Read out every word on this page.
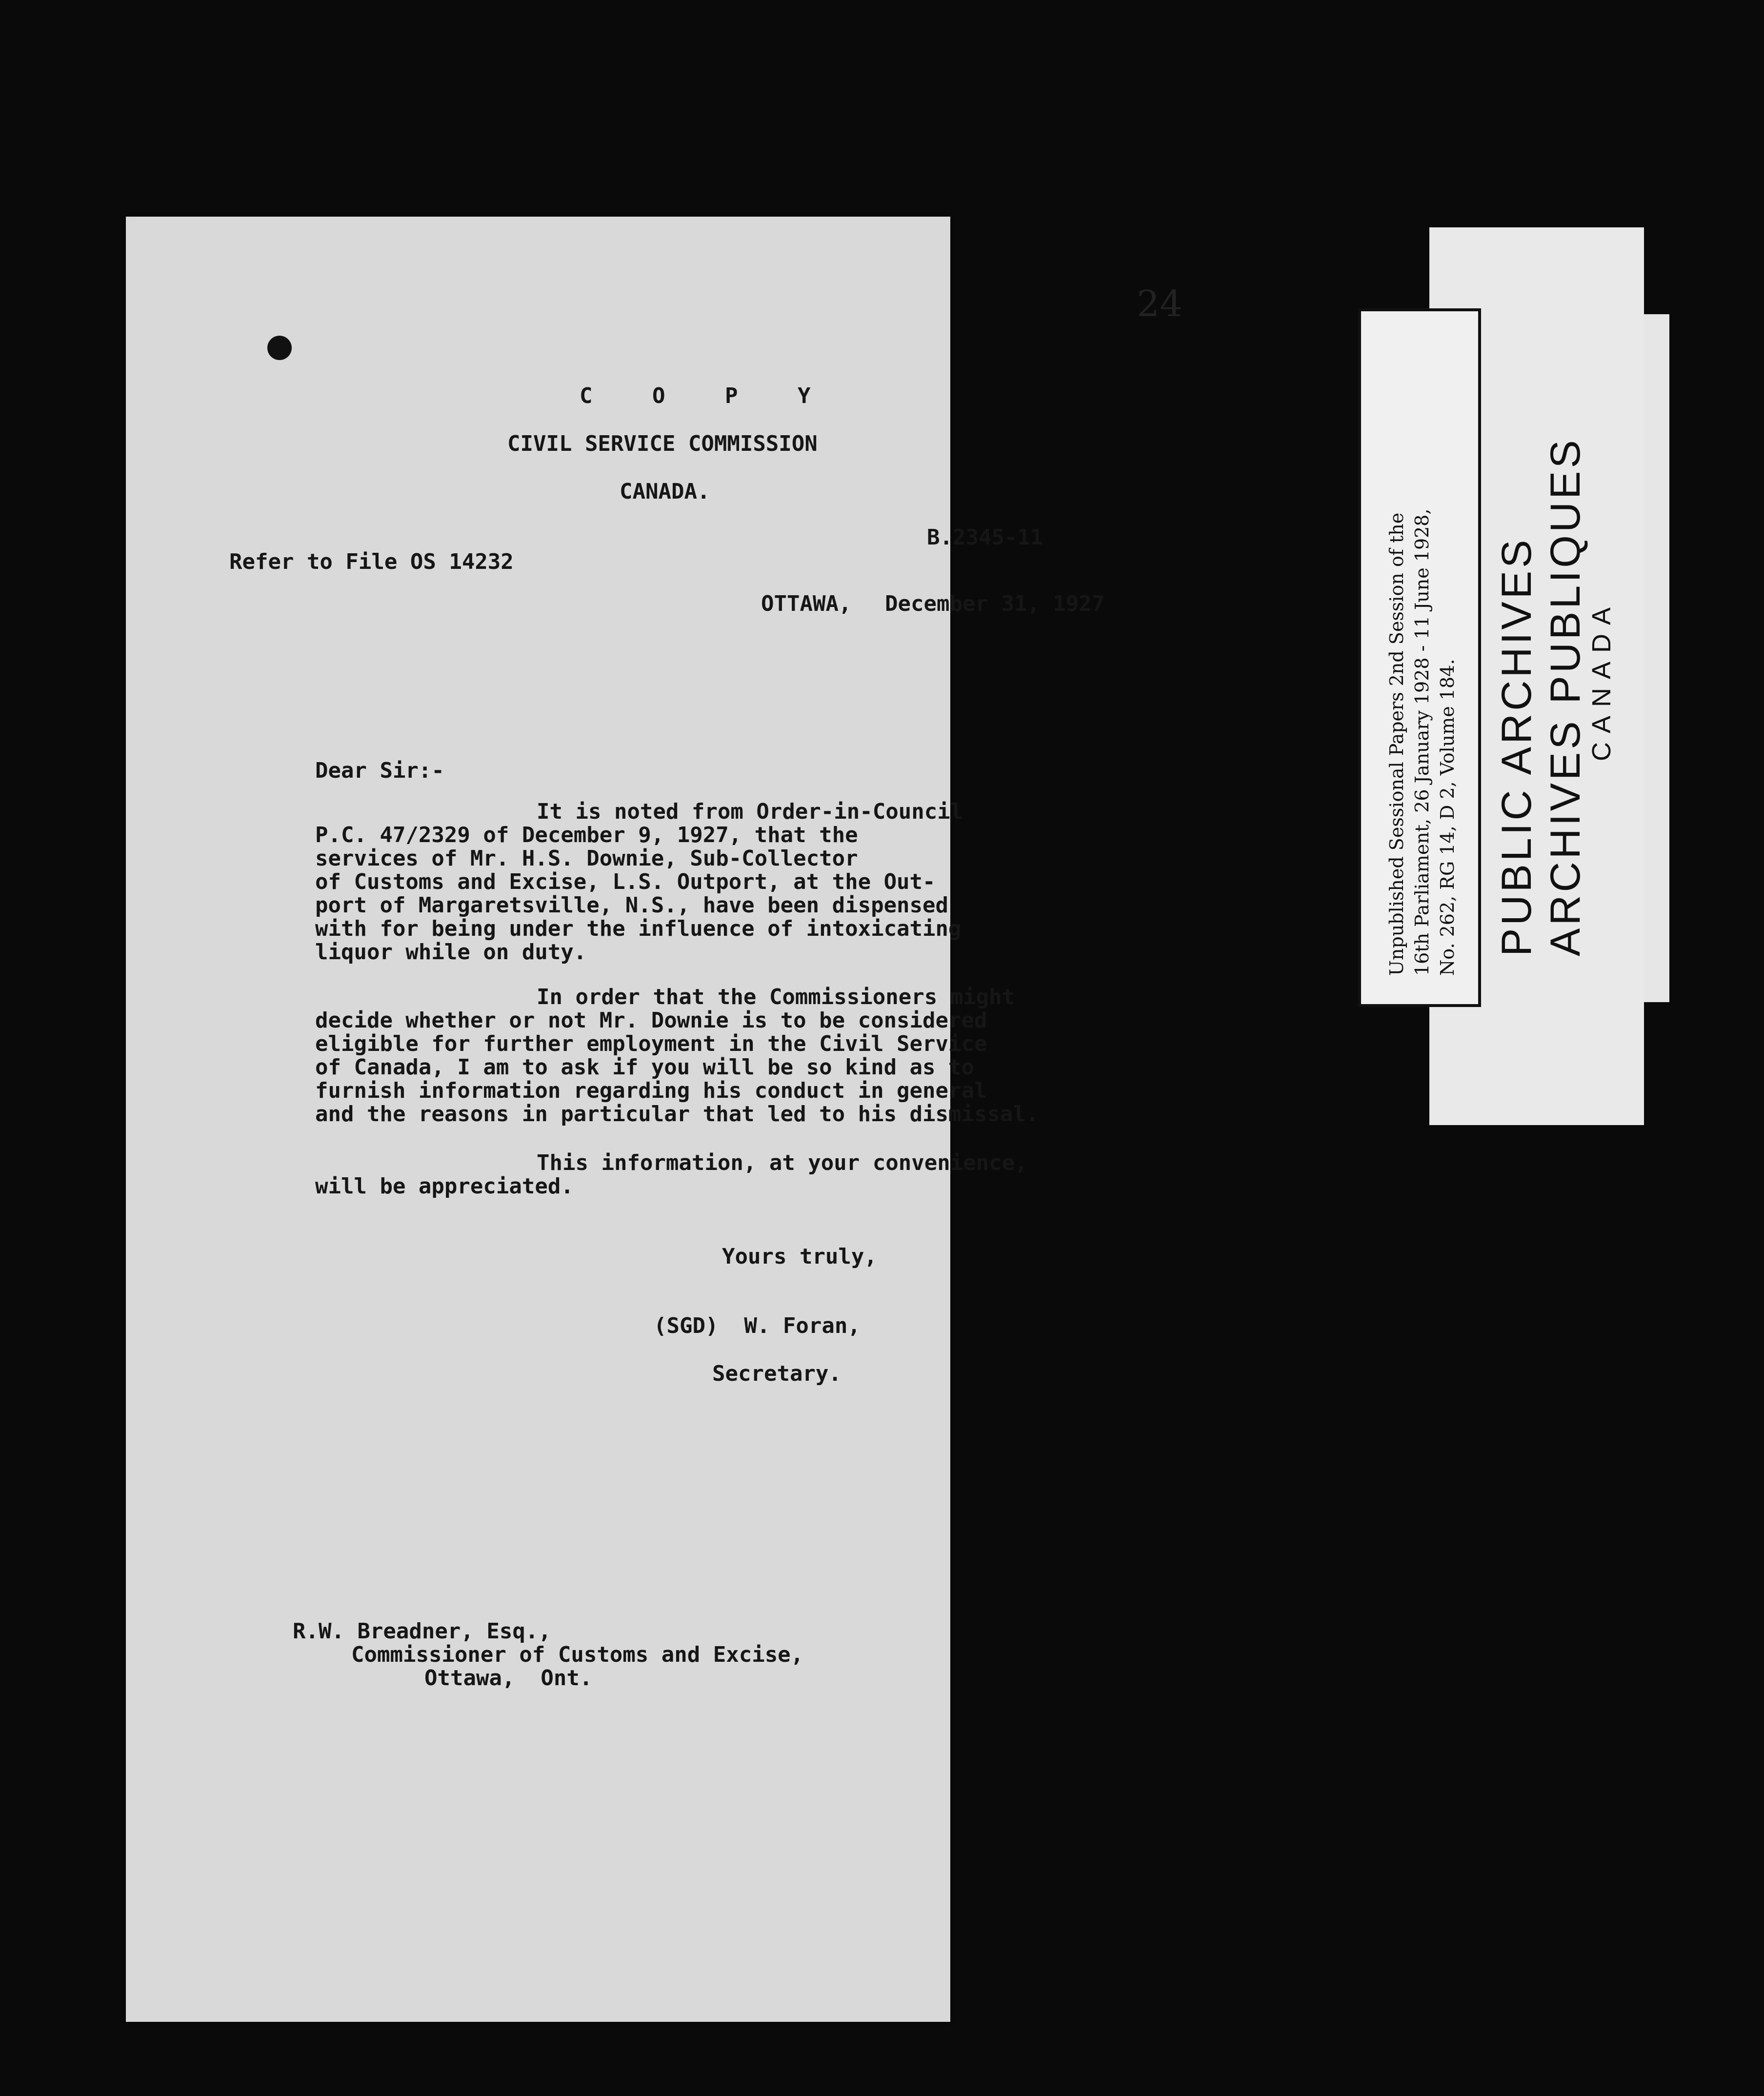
24
C O P Y
CIVIL SERVICE COMMISSION
CANADA.
B.2345-11
Refer to File OS 14232
OTTAWA, December 31, 1927
Dear Sir:-
It is noted from Order-in-Council
P.C. 47/2329 of December 9, 1927, that the
services of Mr. H.S. Downie, Sub-Collector
of Customs and Excise, L.S. Outport, at the Out-
port of Margaretsville, N.S., have been dispensed
with for being under the influence of intoxicating
liquor while on duty.
In order that the Commissioners might
decide whether or not Mr. Downie is to be considered
eligible for further employment in the Civil Service
of Canada, I am to ask if you will be so kind as to
furnish information regarding his conduct in general
and the reasons in particular that led to his dismissal.
This information, at your convenience,
will be appreciated.
Yours truly,
(SGD)  W. Foran,
Secretary.
R.W. Breadner, Esq.,
Commissioner of Customs and Excise,
Ottawa,  Ont.
Unpublished Sessional Papers 2nd Session of the 16th Parliament, 26 January 1928 - 11 June 1928, No. 262, RG 14, D 2, Volume 184. PUBLIC ARCHIVES ARCHIVES PUBLIQUES
CANADA
